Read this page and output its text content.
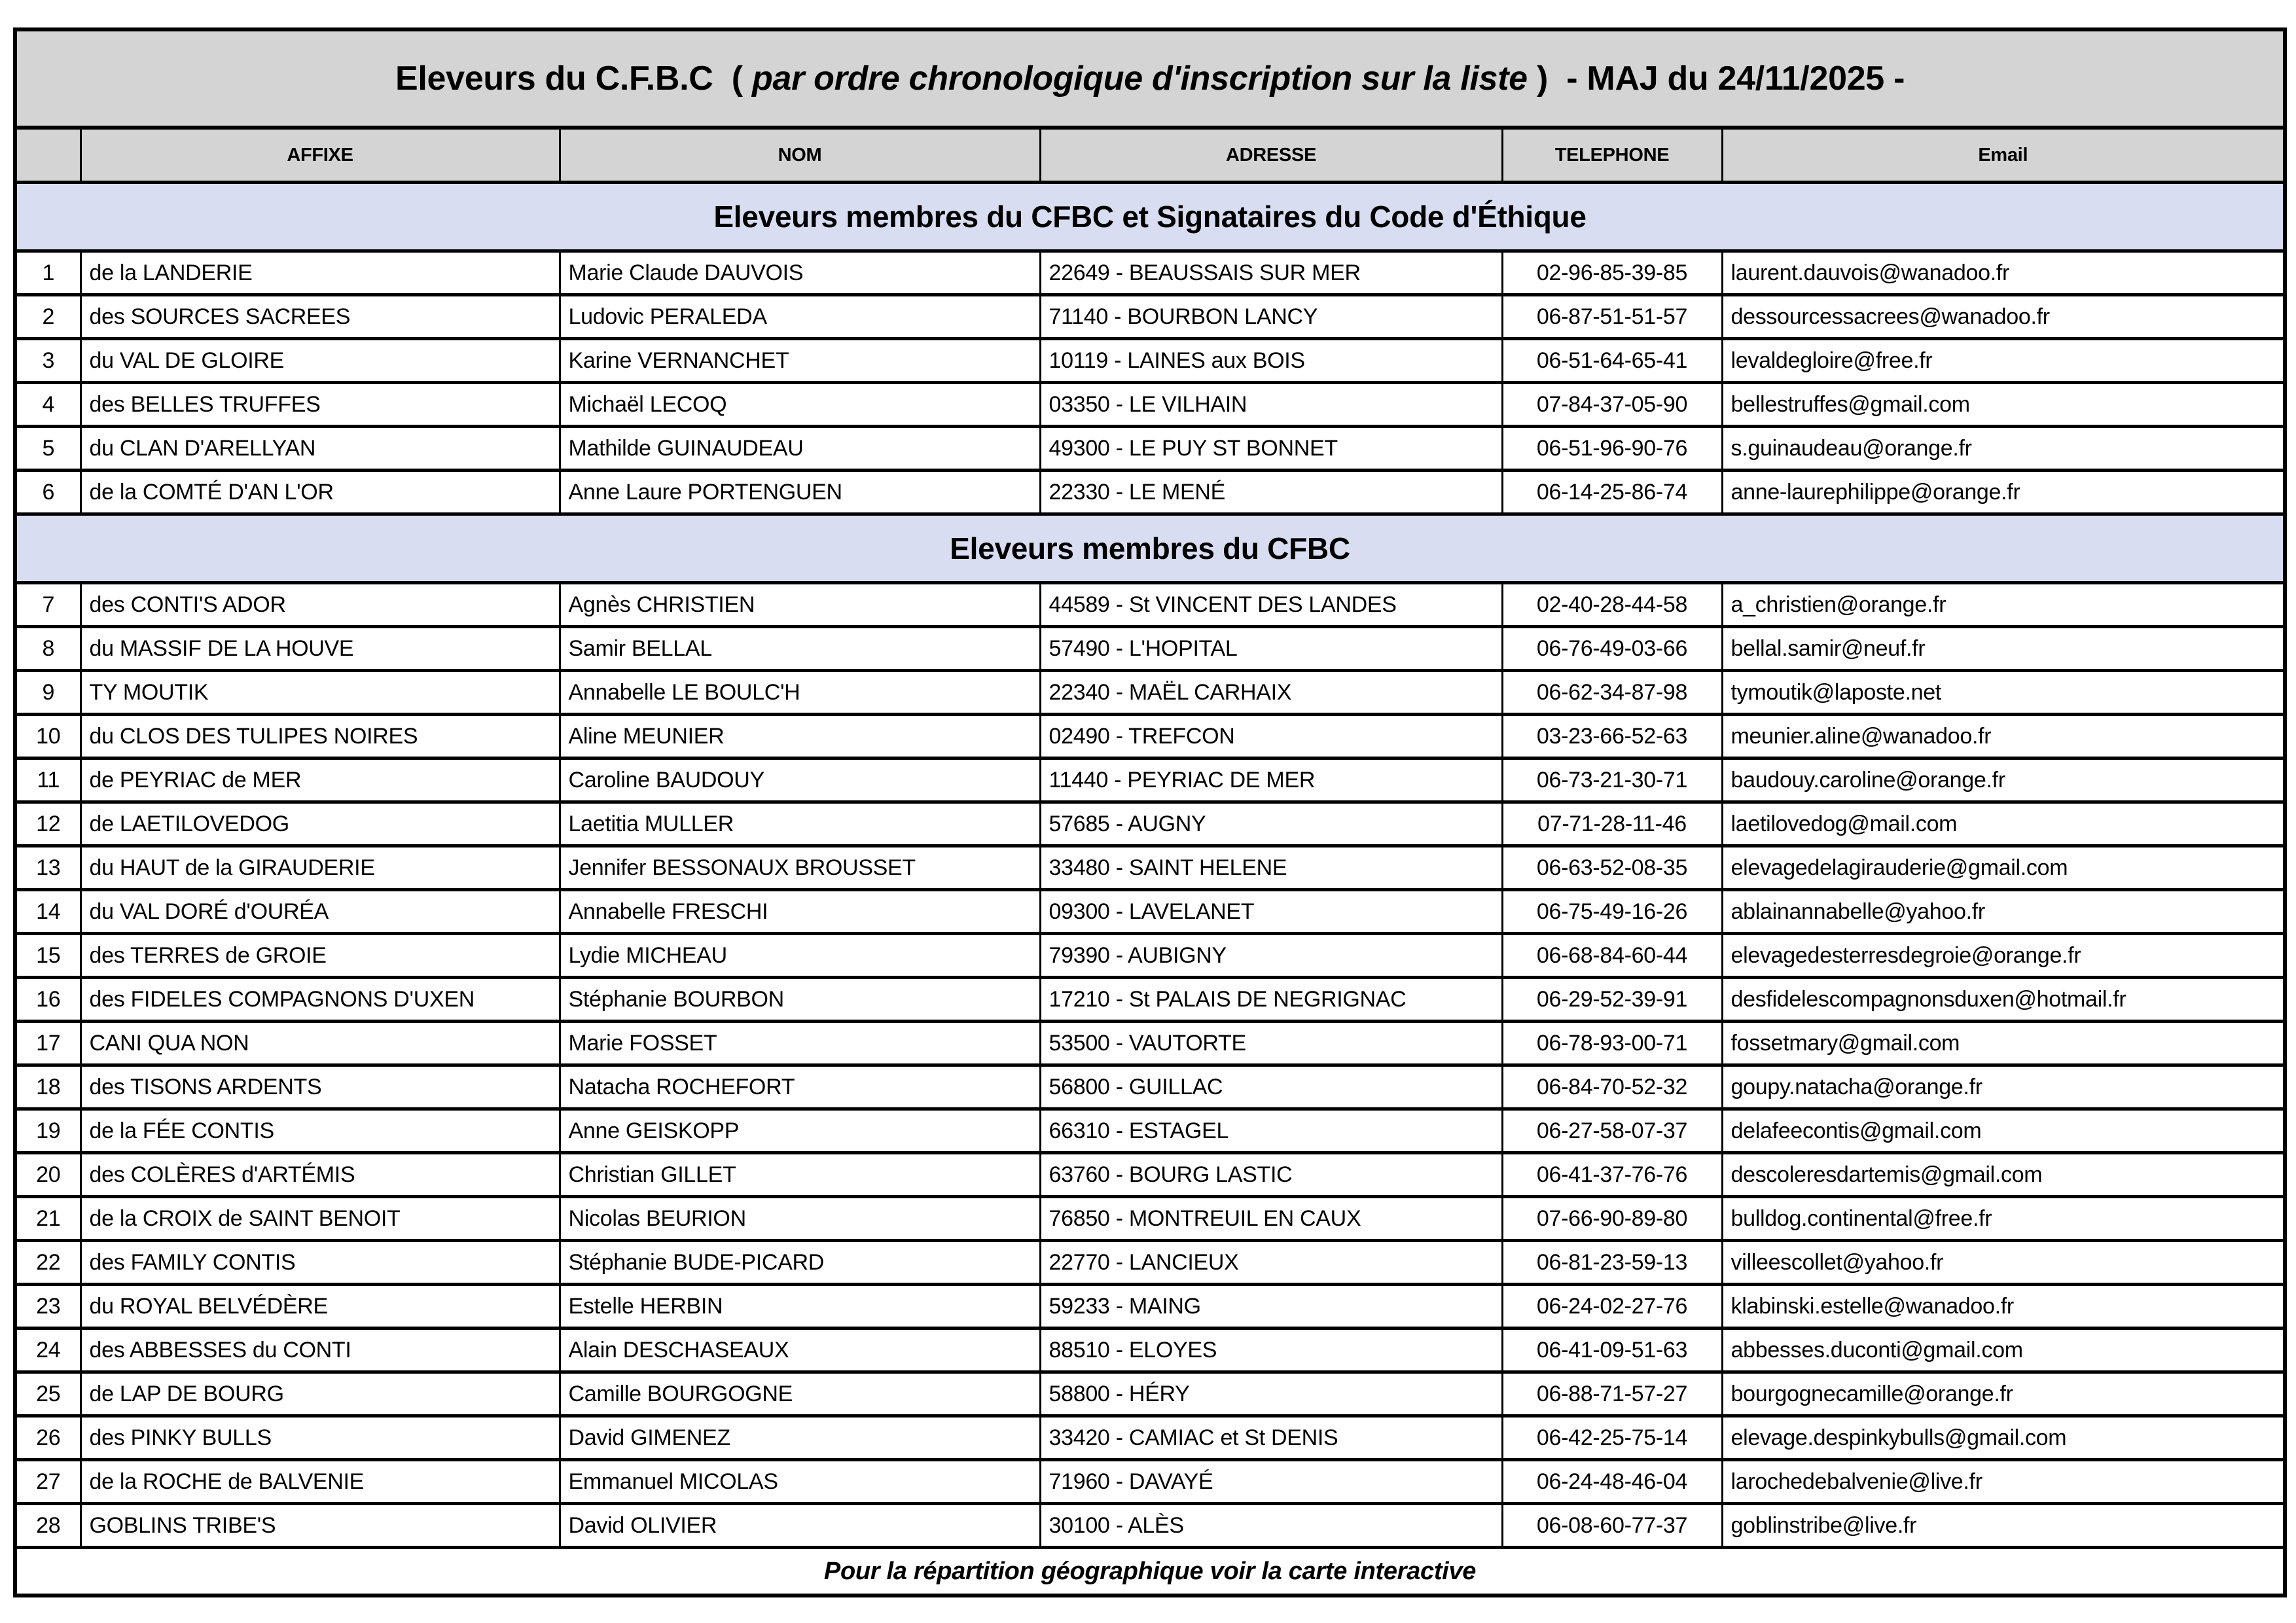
Eleveurs du C.F.B.C  ( par ordre chronologique d'inscription sur la liste )  - MAJ du 24/11/2025 -					
	AFFIXE	NOM	ADRESSE	TELEPHONE	Email
Eleveurs membres du CFBC et Signataires du Code d'Éthique					
1	de la LANDERIE	Marie Claude DAUVOIS	22649 - BEAUSSAIS SUR MER	02-96-85-39-85	laurent.dauvois@wanadoo.fr
2	des SOURCES SACREES	Ludovic PERALEDA	71140 - BOURBON LANCY	06-87-51-51-57	dessourcessacrees@wanadoo.fr
3	du VAL DE GLOIRE	Karine VERNANCHET	10119 - LAINES aux BOIS	06-51-64-65-41	levaldegloire@free.fr
4	des BELLES TRUFFES	Michaël LECOQ	03350 - LE VILHAIN	07-84-37-05-90	bellestruffes@gmail.com
5	du CLAN D'ARELLYAN	Mathilde GUINAUDEAU	49300 - LE PUY ST BONNET	06-51-96-90-76	s.guinaudeau@orange.fr
6	de la COMTÉ D'AN L'OR	Anne Laure PORTENGUEN	22330 - LE MENÉ	06-14-25-86-74	anne-laurephilippe@orange.fr
Eleveurs membres du CFBC					
7	des CONTI'S ADOR	Agnès CHRISTIEN	44589 - St VINCENT DES LANDES	02-40-28-44-58	a_christien@orange.fr
8	du MASSIF DE LA HOUVE	Samir BELLAL	57490 - L'HOPITAL	06-76-49-03-66	bellal.samir@neuf.fr
9	TY MOUTIK	Annabelle LE BOULC'H	22340 - MAËL CARHAIX	06-62-34-87-98	tymoutik@laposte.net
10	du CLOS DES TULIPES NOIRES	Aline MEUNIER	02490 - TREFCON	03-23-66-52-63	meunier.aline@wanadoo.fr
11	de PEYRIAC de MER	Caroline BAUDOUY	11440 - PEYRIAC DE MER	06-73-21-30-71	baudouy.caroline@orange.fr
12	de LAETILOVEDOG	Laetitia MULLER	57685 - AUGNY	07-71-28-11-46	laetilovedog@mail.com
13	du HAUT de la GIRAUDERIE	Jennifer BESSONAUX BROUSSET	33480 - SAINT HELENE	06-63-52-08-35	elevagedelagirauderie@gmail.com
14	du VAL DORÉ d'OURÉA	Annabelle FRESCHI	09300 - LAVELANET	06-75-49-16-26	ablainannabelle@yahoo.fr
15	des TERRES de GROIE	Lydie MICHEAU	79390 - AUBIGNY	06-68-84-60-44	elevagedesterresdegroie@orange.fr
16	des FIDELES COMPAGNONS D'UXEN	Stéphanie BOURBON	17210 - St PALAIS DE NEGRIGNAC	06-29-52-39-91	desfidelescompagnonsduxen@hotmail.fr
17	CANI QUA NON	Marie FOSSET	53500 - VAUTORTE	06-78-93-00-71	fossetmary@gmail.com
18	des TISONS ARDENTS	Natacha ROCHEFORT	56800 - GUILLAC	06-84-70-52-32	goupy.natacha@orange.fr
19	de la FÉE CONTIS	Anne GEISKOPP	66310 - ESTAGEL	06-27-58-07-37	delafeecontis@gmail.com
20	des COLÈRES d'ARTÉMIS	Christian GILLET	63760 - BOURG LASTIC	06-41-37-76-76	descoleresdartemis@gmail.com
21	de la CROIX de SAINT BENOIT	Nicolas BEURION	76850 - MONTREUIL EN CAUX	07-66-90-89-80	bulldog.continental@free.fr
22	des FAMILY CONTIS	Stéphanie BUDE-PICARD	22770 - LANCIEUX	06-81-23-59-13	villeescollet@yahoo.fr
23	du ROYAL BELVÉDÈRE	Estelle HERBIN	59233 - MAING	06-24-02-27-76	klabinski.estelle@wanadoo.fr
24	des ABBESSES du CONTI	Alain DESCHASEAUX	88510 - ELOYES	06-41-09-51-63	abbesses.duconti@gmail.com
25	de LAP DE BOURG	Camille BOURGOGNE	58800 - HÉRY	06-88-71-57-27	bourgognecamille@orange.fr
26	des PINKY BULLS	David GIMENEZ	33420 - CAMIAC et St DENIS	06-42-25-75-14	elevage.despinkybulls@gmail.com
27	de la ROCHE de BALVENIE	Emmanuel MICOLAS	71960 - DAVAYÉ	06-24-48-46-04	larochedebalvenie@live.fr
28	GOBLINS TRIBE'S	David OLIVIER	30100 - ALÈS	06-08-60-77-37	goblinstribe@live.fr
Pour la répartition géographique voir la carte interactive					
